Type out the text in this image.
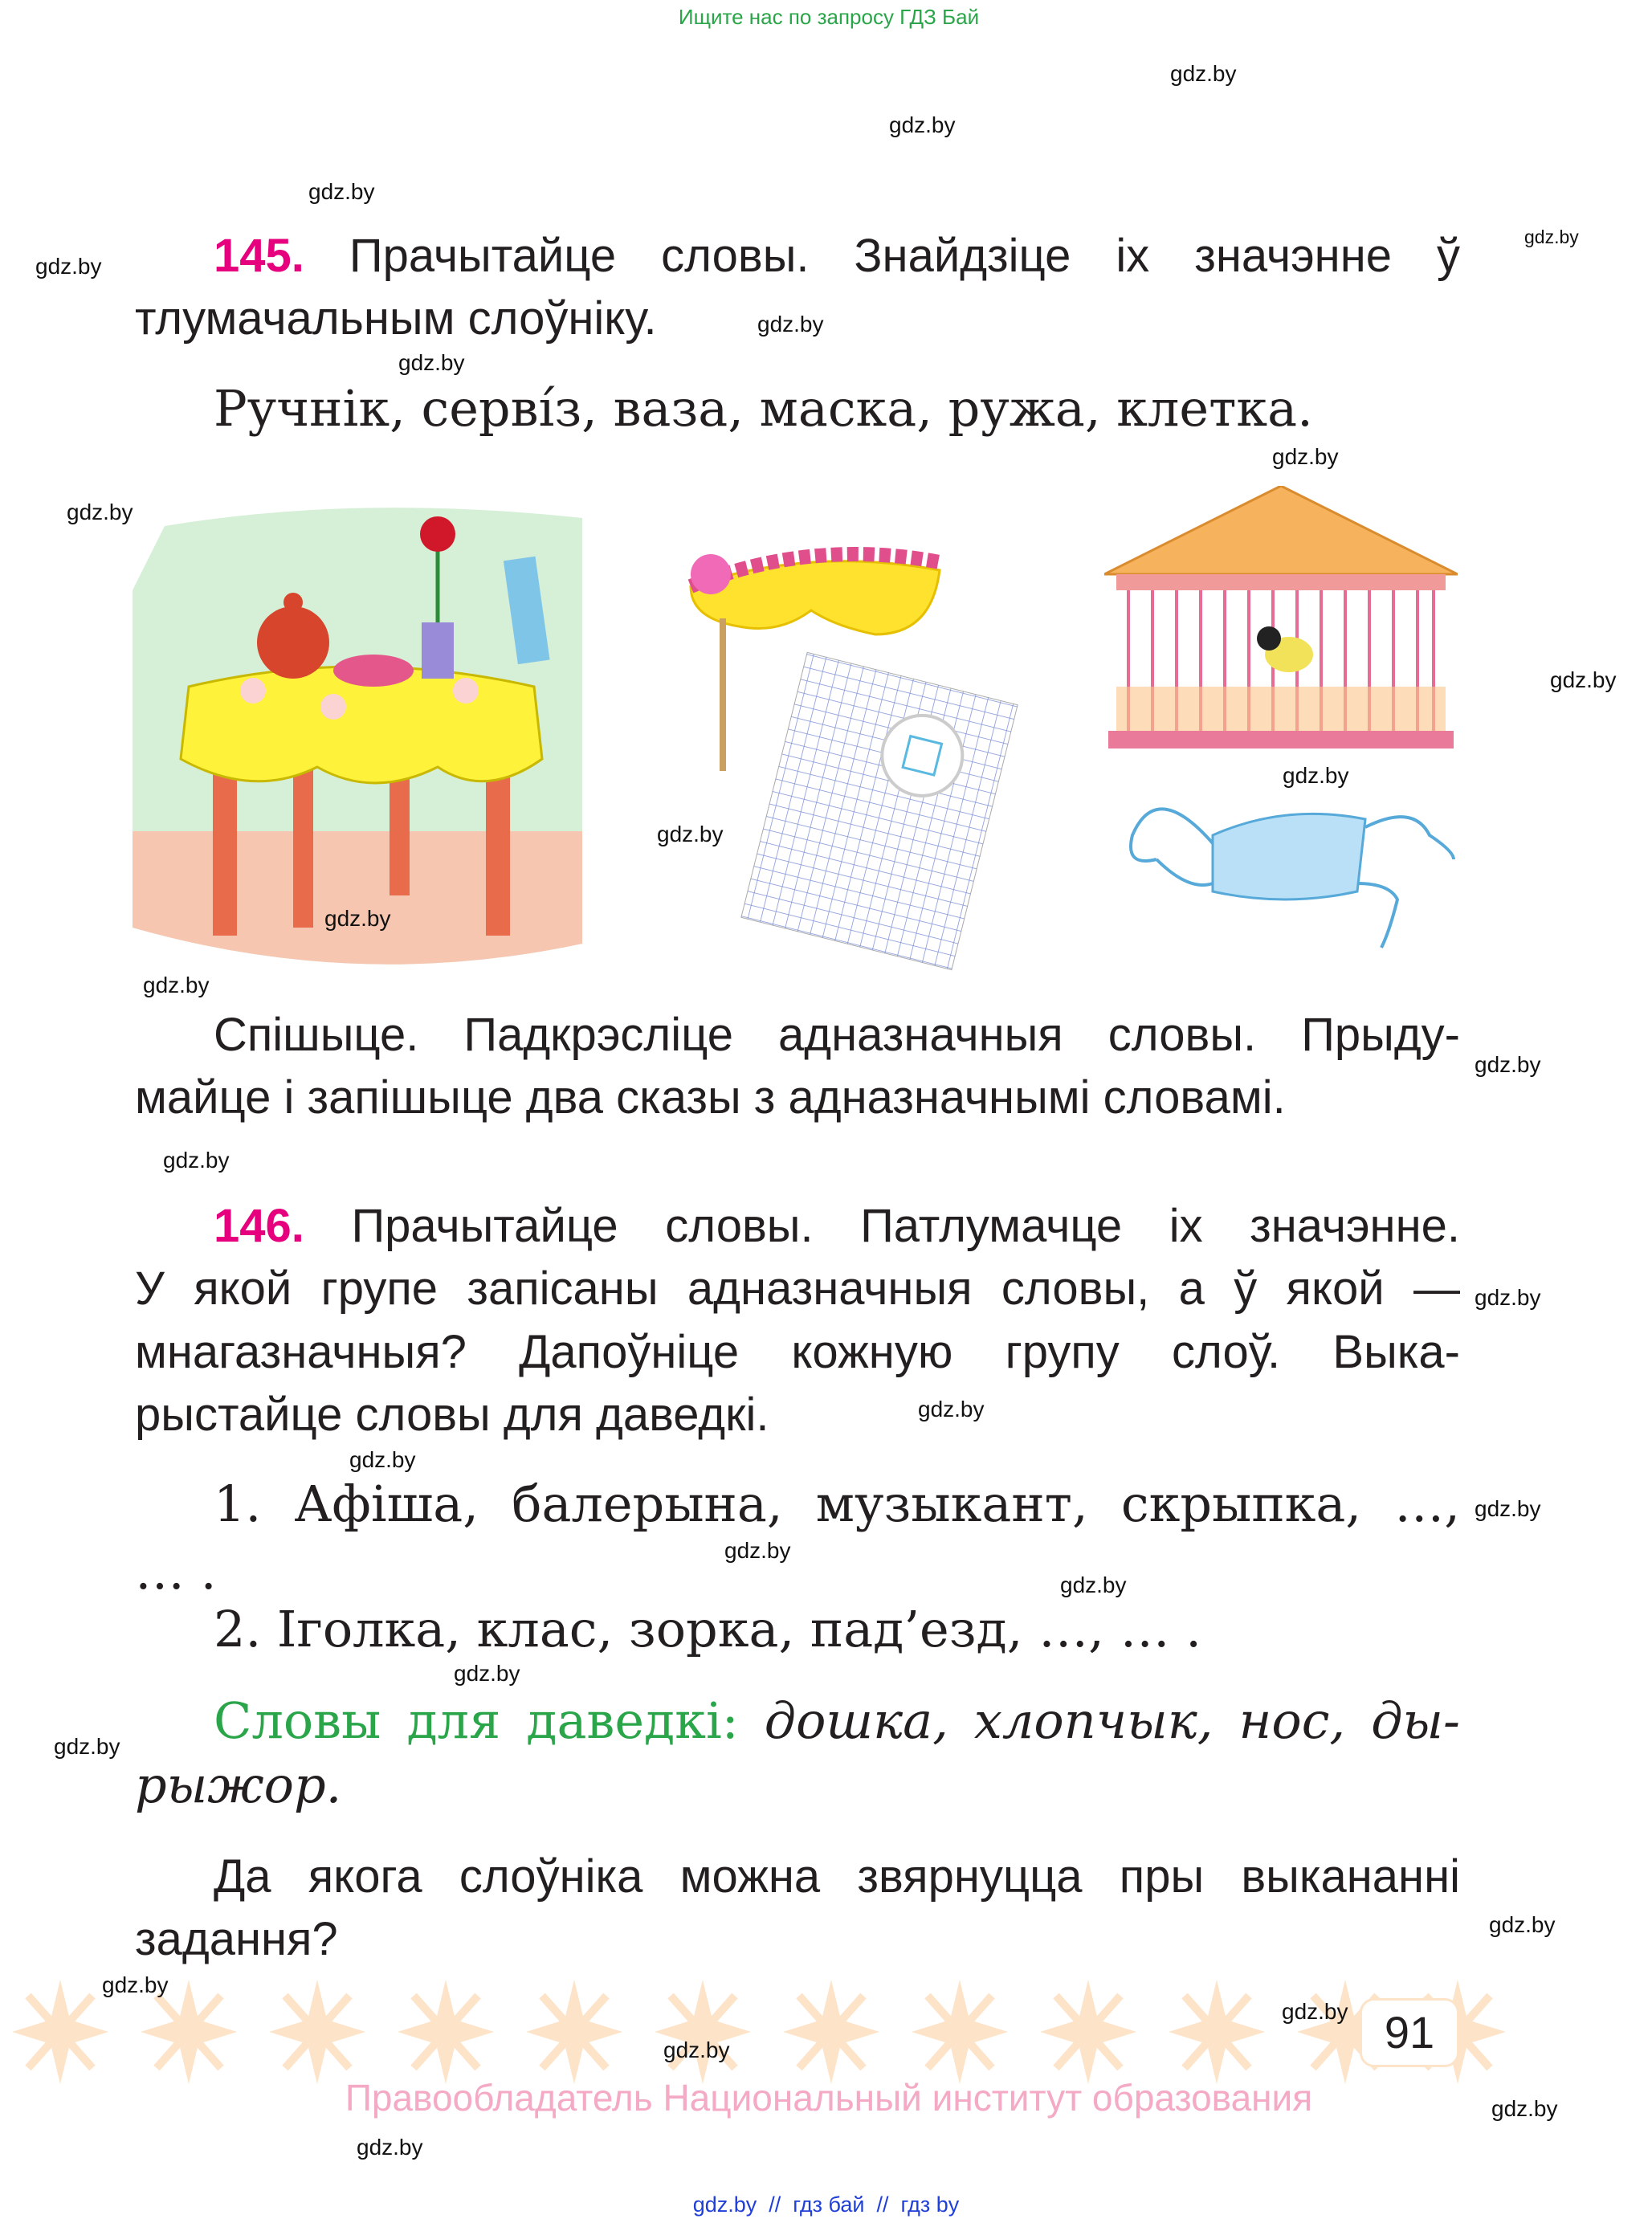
Ищите нас по запросу ГДЗ Бай
145. Прачытайце словы. Знайдзіце іх значэнне ў
тлумачальным слоўніку.
Ручнік, сервíз, ваза, маска, ружа, клетка.
Спішыце. Падкрэсліце адназначныя словы. Прыду-
майце і запішыце два сказы з адназначнымі словамі.
146. Прачытайце словы. Патлумачце іх значэнне.
У якой групе запісаны адназначныя словы, а ў якой —
мнагазначныя? Дапоўніце кожную групу слоў. Выка-
рыстайце словы для даведкі.
1. Афіша, балерына, музыкант, скрыпка, …,
… .
2. Іголка, клас, зорка, пад’езд, …, … .
Словы для даведкі: дошка, хлопчык, нос, ды-
рыжор.
Да якога слоўніка можна звярнуцца пры выкананні
задання?
91
Правообладатель Национальный институт образования
gdz.by  //  гдз бай  //  гдз by
gdz.by
gdz.by
gdz.by
gdz.by
gdz.by
gdz.by
gdz.by
gdz.by
gdz.by
gdz.by
gdz.by
gdz.by
gdz.by
gdz.by
gdz.by
gdz.by
gdz.by
gdz.by
gdz.by
gdz.by
gdz.by
gdz.by
gdz.by
gdz.by
gdz.by
gdz.by
gdz.by
gdz.by
gdz.by
gdz.by
